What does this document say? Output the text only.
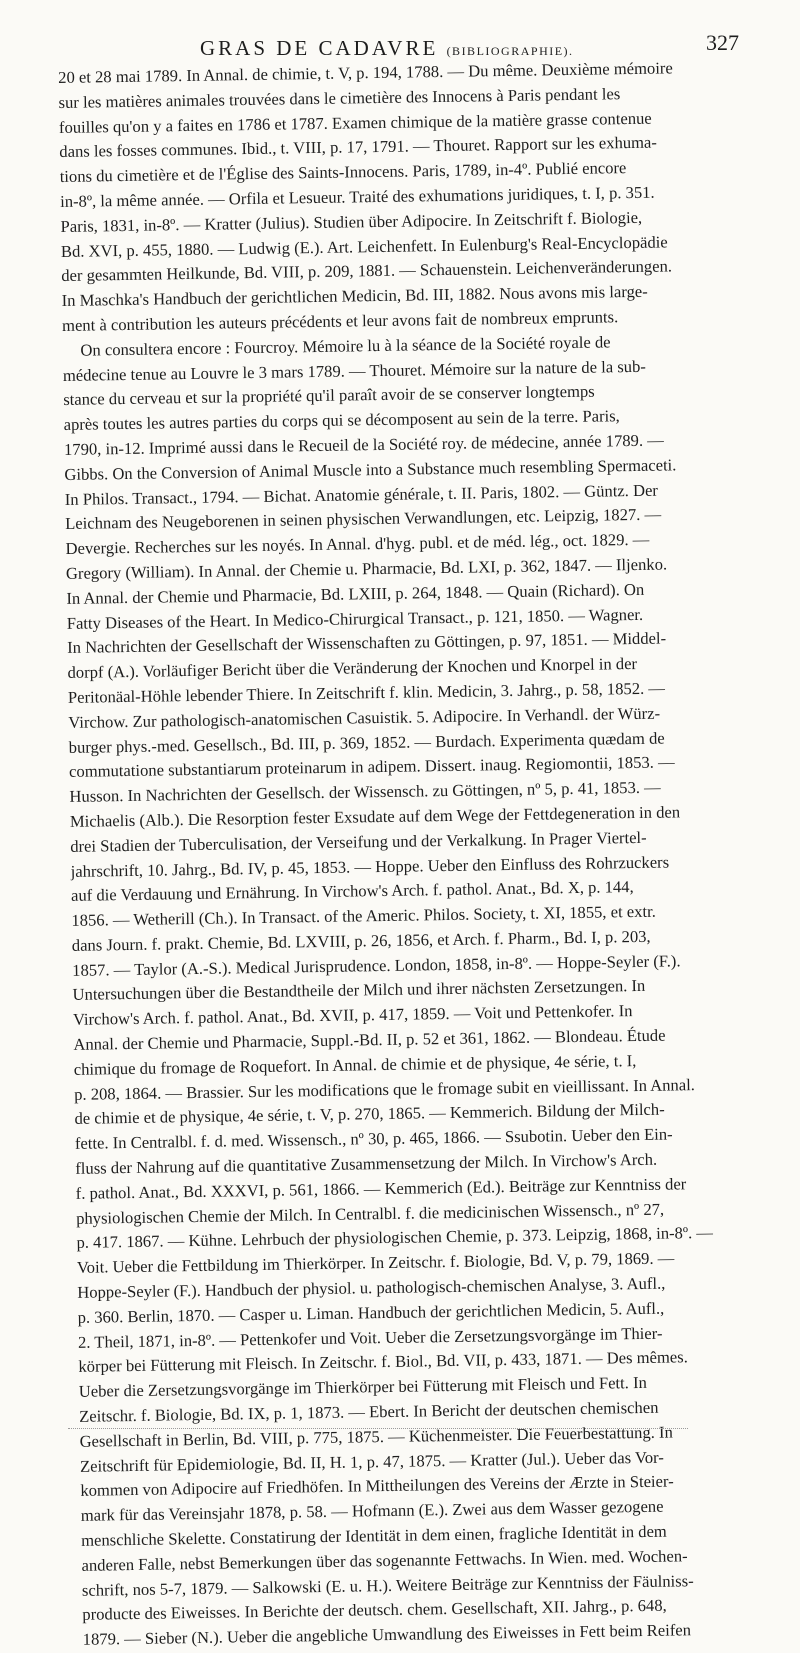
GRAS DE CADAVRE (BIBLIOGRAPHIE).	327
20 et 28 mai 1789. In Annal. de chimie, t. V, p. 194, 1788. — Du même. Deuxième mémoire
sur les matières animales trouvées dans le cimetière des Innocens à Paris pendant les
fouilles qu'on y a faites en 1786 et 1787. Examen chimique de la matière grasse contenue
dans les fosses communes. Ibid., t. VIII, p. 17, 1791. — Thouret. Rapport sur les exhuma-
tions du cimetière et de l'Église des Saints-Innocens. Paris, 1789, in-4º. Publié encore
in-8º, la même année. — Orfila et Lesueur. Traité des exhumations juridiques, t. I, p. 351.
Paris, 1831, in-8º. — Kratter (Julius). Studien über Adipocire. In Zeitschrift f. Biologie,
Bd. XVI, p. 455, 1880. — Ludwig (E.). Art. Leichenfett. In Eulenburg's Real-Encyclopädie
der gesammten Heilkunde, Bd. VIII, p. 209, 1881. — Schauenstein. Leichenveränderungen.
In Maschka's Handbuch der gerichtlichen Medicin, Bd. III, 1882. Nous avons mis large-
ment à contribution les auteurs précédents et leur avons fait de nombreux emprunts.
On consultera encore : Fourcroy. Mémoire lu à la séance de la Société royale de
médecine tenue au Louvre le 3 mars 1789. — Thouret. Mémoire sur la nature de la sub-
stance du cerveau et sur la propriété qu'il paraît avoir de se conserver longtemps
après toutes les autres parties du corps qui se décomposent au sein de la terre. Paris,
1790, in-12. Imprimé aussi dans le Recueil de la Société roy. de médecine, année 1789. —
Gibbs. On the Conversion of Animal Muscle into a Substance much resembling Spermaceti.
In Philos. Transact., 1794. — Bichat. Anatomie générale, t. II. Paris, 1802. — Güntz. Der
Leichnam des Neugeborenen in seinen physischen Verwandlungen, etc. Leipzig, 1827. —
Devergie. Recherches sur les noyés. In Annal. d'hyg. publ. et de méd. lég., oct. 1829. —
Gregory (William). In Annal. der Chemie u. Pharmacie, Bd. LXI, p. 362, 1847. — Iljenko.
In Annal. der Chemie und Pharmacie, Bd. LXIII, p. 264, 1848. — Quain (Richard). On
Fatty Diseases of the Heart. In Medico-Chirurgical Transact., p. 121, 1850. — Wagner.
In Nachrichten der Gesellschaft der Wissenschaften zu Göttingen, p. 97, 1851. — Middel-
dorpf (A.). Vorläufiger Bericht über die Veränderung der Knochen und Knorpel in der
Peritonäal-Höhle lebender Thiere. In Zeitschrift f. klin. Medicin, 3. Jahrg., p. 58, 1852. —
Virchow. Zur pathologisch-anatomischen Casuistik. 5. Adipocire. In Verhandl. der Würz-
burger phys.-med. Gesellsch., Bd. III, p. 369, 1852. — Burdach. Experimenta quædam de
commutatione substantiarum proteinarum in adipem. Dissert. inaug. Regiomontii, 1853. —
Husson. In Nachrichten der Gesellsch. der Wissensch. zu Göttingen, nº 5, p. 41, 1853. —
Michaelis (Alb.). Die Resorption fester Exsudate auf dem Wege der Fettdegeneration in den
drei Stadien der Tuberculisation, der Verseifung und der Verkalkung. In Prager Viertel-
jahrschrift, 10. Jahrg., Bd. IV, p. 45, 1853. — Hoppe. Ueber den Einfluss des Rohrzuckers
auf die Verdauung und Ernährung. In Virchow's Arch. f. pathol. Anat., Bd. X, p. 144,
1856. — Wetherill (Ch.). In Transact. of the Americ. Philos. Society, t. XI, 1855, et extr.
dans Journ. f. prakt. Chemie, Bd. LXVIII, p. 26, 1856, et Arch. f. Pharm., Bd. I, p. 203,
1857. — Taylor (A.-S.). Medical Jurisprudence. London, 1858, in-8º. — Hoppe-Seyler (F.).
Untersuchungen über die Bestandtheile der Milch und ihrer nächsten Zersetzungen. In
Virchow's Arch. f. pathol. Anat., Bd. XVII, p. 417, 1859. — Voit und Pettenkofer. In
Annal. der Chemie und Pharmacie, Suppl.-Bd. II, p. 52 et 361, 1862. — Blondeau. Étude
chimique du fromage de Roquefort. In Annal. de chimie et de physique, 4e série, t. I,
p. 208, 1864. — Brassier. Sur les modifications que le fromage subit en vieillissant. In Annal.
de chimie et de physique, 4e série, t. V, p. 270, 1865. — Kemmerich. Bildung der Milch-
fette. In Centralbl. f. d. med. Wissensch., nº 30, p. 465, 1866. — Ssubotin. Ueber den Ein-
fluss der Nahrung auf die quantitative Zusammensetzung der Milch. In Virchow's Arch.
f. pathol. Anat., Bd. XXXVI, p. 561, 1866. — Kemmerich (Ed.). Beiträge zur Kenntniss der
physiologischen Chemie der Milch. In Centralbl. f. die medicinischen Wissensch., nº 27,
p. 417. 1867. — Kühne. Lehrbuch der physiologischen Chemie, p. 373. Leipzig, 1868, in-8º. —
Voit. Ueber die Fettbildung im Thierkörper. In Zeitschr. f. Biologie, Bd. V, p. 79, 1869. —
Hoppe-Seyler (F.). Handbuch der physiol. u. pathologisch-chemischen Analyse, 3. Aufl.,
p. 360. Berlin, 1870. — Casper u. Liman. Handbuch der gerichtlichen Medicin, 5. Aufl.,
2. Theil, 1871, in-8º. — Pettenkofer und Voit. Ueber die Zersetzungsvorgänge im Thier-
körper bei Fütterung mit Fleisch. In Zeitschr. f. Biol., Bd. VII, p. 433, 1871. — Des mêmes.
Ueber die Zersetzungsvorgänge im Thierkörper bei Fütterung mit Fleisch und Fett. In
Zeitschr. f. Biologie, Bd. IX, p. 1, 1873. — Ebert. In Bericht der deutschen chemischen
Gesellschaft in Berlin, Bd. VIII, p. 775, 1875. — Küchenmeister. Die Feuerbestattung. In
Zeitschrift für Epidemiologie, Bd. II, H. 1, p. 47, 1875. — Kratter (Jul.). Ueber das Vor-
kommen von Adipocire auf Friedhöfen. In Mittheilungen des Vereins der Ærzte in Steier-
mark für das Vereinsjahr 1878, p. 58. — Hofmann (E.). Zwei aus dem Wasser gezogene
menschliche Skelette. Constatirung der Identität in dem einen, fragliche Identität in dem
anderen Falle, nebst Bemerkungen über das sogenannte Fettwachs. In Wien. med. Wochen-
schrift, nos 5-7, 1879. — Salkowski (E. u. H.). Weitere Beiträge zur Kenntniss der Fäulniss-
producte des Eiweisses. In Berichte der deutsch. chem. Gesellschaft, XII. Jahrg., p. 648,
1879. — Sieber (N.). Ueber die angebliche Umwandlung des Eiweisses in Fett beim Reifen
